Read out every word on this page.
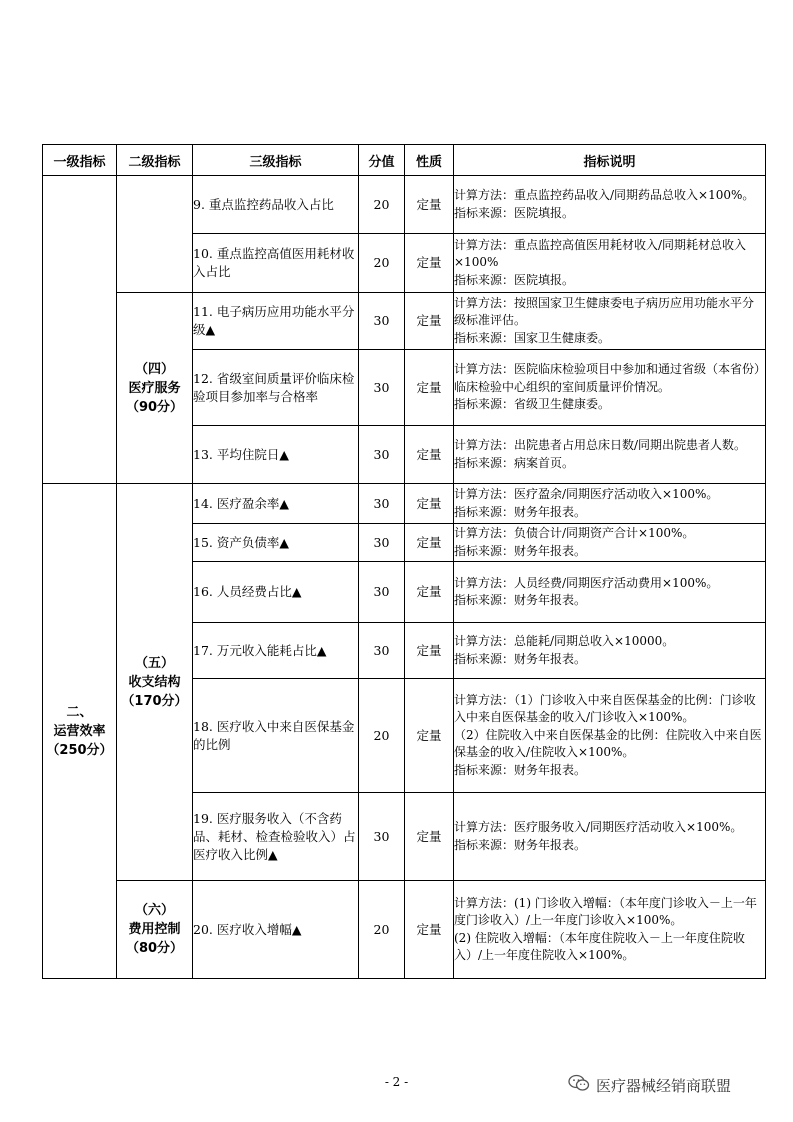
一级指标	二级指标	三级指标	分值	性质	指标说明
		9. 重点监控药品收入占比	20	定量	计算方法：重点监控药品收入/同期药品总收入×100%。
指标来源：医院填报。

		10. 重点监控高值医用耗材收入占比	20	定量	计算方法：重点监控高值医用耗材收入/同期耗材总收入×100%
指标来源：医院填报。

	（四）
医疗服务
（90分）	11. 电子病历应用功能水平分级▲	30	定量	计算方法：按照国家卫生健康委电子病历应用功能水平分级标准评估。
指标来源：国家卫生健康委。

		12. 省级室间质量评价临床检验项目参加率与合格率	30	定量	计算方法：医院临床检验项目中参加和通过省级（本省份）临床检验中心组织的室间质量评价情况。
指标来源：省级卫生健康委。

		13. 平均住院日▲	30	定量	计算方法：出院患者占用总床日数/同期出院患者人数。
指标来源：病案首页。

二、
运营效率
（250分）	（五）
收支结构
（170分）	14. 医疗盈余率▲	30	定量	计算方法：医疗盈余/同期医疗活动收入×100%。
指标来源：财务年报表。

		15. 资产负债率▲	30	定量	计算方法：负债合计/同期资产合计×100%。
指标来源：财务年报表。

		16. 人员经费占比▲	30	定量	计算方法：人员经费/同期医疗活动费用×100%。
指标来源：财务年报表。

		17. 万元收入能耗占比▲	30	定量	计算方法：总能耗/同期总收入×10000。
指标来源：财务年报表。

		18. 医疗收入中来自医保基金的比例	20	定量	计算方法：（1）门诊收入中来自医保基金的比例：门诊收入中来自医保基金的收入/门诊收入×100%。
（2）住院收入中来自医保基金的比例：住院收入中来自医保基金的收入/住院收入×100%。
指标来源：财务年报表。

		19. 医疗服务收入（不含药品、耗材、检查检验收入）占医疗收入比例▲	30	定量	计算方法：医疗服务收入/同期医疗活动收入×100%。
指标来源：财务年报表。

	（六）
费用控制
（80分）	20. 医疗收入增幅▲	20	定量	计算方法：(1) 门诊收入增幅：（本年度门诊收入－上一年度门诊收入）/上一年度门诊收入×100%。
(2) 住院收入增幅：（本年度住院收入－上一年度住院收入）/上一年度住院收入×100%。
- 2 -	医疗器械经销商联盟
